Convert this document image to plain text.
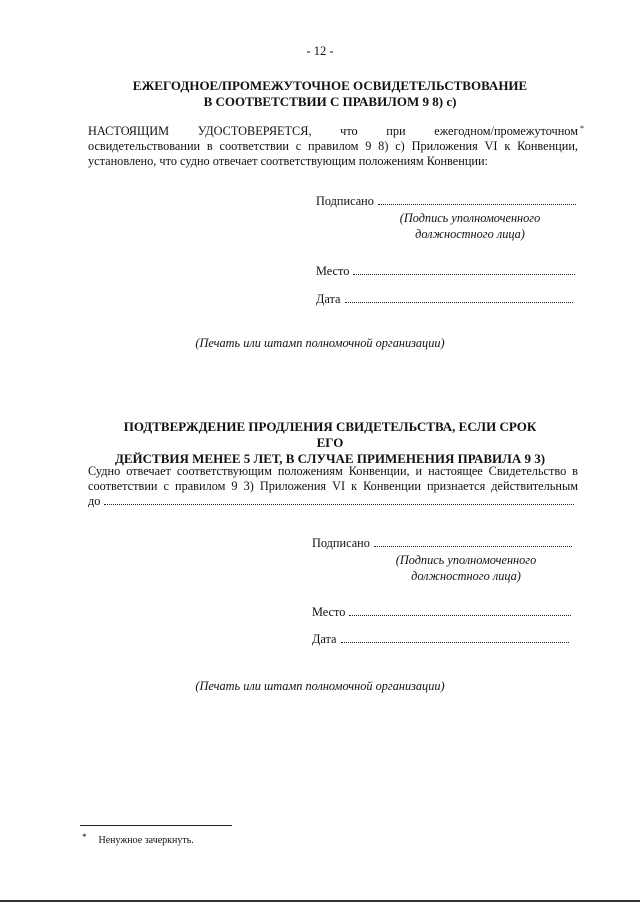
- 12 -
ЕЖЕГОДНОЕ/ПРОМЕЖУТОЧНОЕ ОСВИДЕТЕЛЬСТВОВАНИЕ
В СООТВЕТСТВИИ С ПРАВИЛОМ 9 8) с)
НАСТОЯЩИМ УДОСТОВЕРЯЕТСЯ, что при ежегодном/промежуточном *
освидетельствовании в соответствии с правилом 9 8) с) Приложения VI к Конвенции,
установлено, что судно отвечает соответствующим положениям Конвенции:
Подписано
(Подпись уполномоченного
должностного лица)
Место
Дата
(Печать или штамп полномочной организации)
ПОДТВЕРЖДЕНИЕ ПРОДЛЕНИЯ СВИДЕТЕЛЬСТВА, ЕСЛИ СРОК ЕГО
ДЕЙСТВИЯ МЕНЕЕ 5 ЛЕТ, В СЛУЧАЕ ПРИМЕНЕНИЯ ПРАВИЛА 9 3)
Судно отвечает соответствующим положениям Конвенции, и настоящее Свидетельство в
соответствии с правилом 9 3) Приложения VI к Конвенции признается действительным
до
Подписано
(Подпись уполномоченного
должностного лица)
Место
Дата
(Печать или штамп полномочной организации)
* Ненужное зачеркнуть.
